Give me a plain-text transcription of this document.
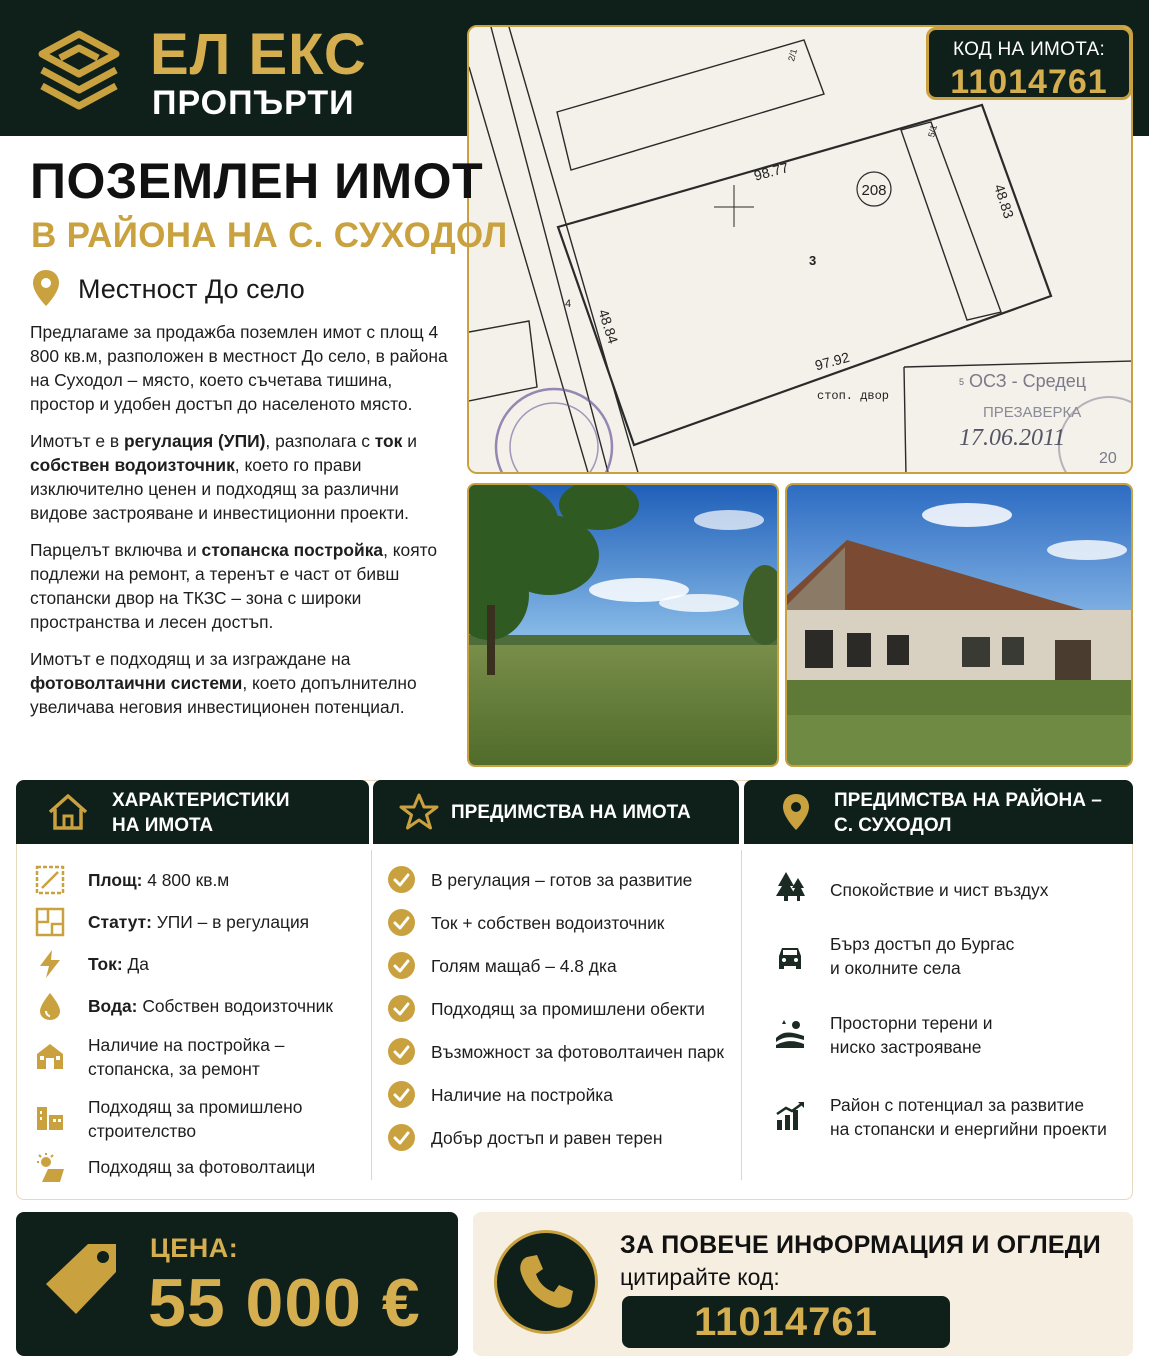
ЕЛ ЕКС
ПРОПЪРТИ
208
3
4
98.77
97.92
48.83
48.84
стоп. двор
2/1
5/1
5 ОСЗ - Средец
ПРЕЗАВЕРКА
17.06.2011
20
КОД НА ИМОТА:
11014761
ПОЗЕМЛЕН ИМОТ
В РАЙОНА НА С. СУХОДОЛ
Местност До село

Предлагаме за продажба поземлен имот с площ 4 800 кв.м, разположен в местност До село, в района на Суходол – място, което съчетава тишина, простор и удобен достъп до населеното място.

Имотът е в регулация (УПИ), разполага с ток и собствен водоизточник, което го прави изключително ценен и подходящ за различни видове застрояване и инвестиционни проекти.

Парцелът включва и стопанска постройка, която подлежи на ремонт, а теренът е част от бивш стопански двор на ТКЗС – зона с широки пространства и лесен достъп.

Имотът е подходящ и за изграждане на фотоволтаични системи, което допълнително увеличава неговия инвестиционен потенциал.

ХАРАКТЕРИСТИКИ
НА ИМОТА
ПРЕДИМСТВА НА ИМОТА
ПРЕДИМСТВА НА РАЙОНА –
С. СУХОДОЛ
Площ: 4 800 кв.м
Статут: УПИ – в регулация
Ток: Да
Вода: Собствен водоизточник
Наличие на постройка –
стопанска, за ремонт
Подходящ за промишлено
строителство
Подходящ за фотоволтаици
В регулация – готов за развитие
Ток + собствен водоизточник
Голям мащаб – 4.8 дка
Подходящ за промишлени обекти
Възможност за фотоволтаичен парк
Наличие на постройка
Добър достъп и равен терен
Спокойствие и чист въздух
Бърз достъп до Бургас
и околните села
Просторни терени и
ниско застрояване
Район с потенциал за развитие
на стопански и енергийни проекти
ЦЕНА:
55 000 €
ЗА ПОВЕЧЕ ИНФОРМАЦИЯ И ОГЛЕДИ
цитирайте код:
11014761
